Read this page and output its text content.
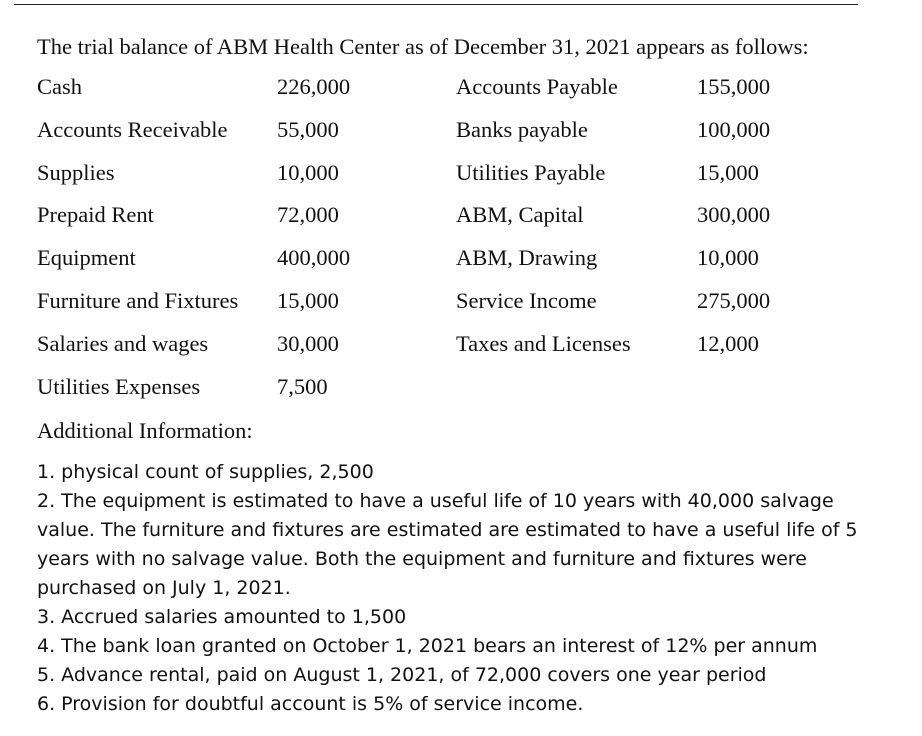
The trial balance of ABM Health Center as of December 31, 2021 appears as follows:
Cash	226,000	Accounts Payable	155,000
Accounts Receivable 55,000	Banks payable	100,000
Supplies	10,000	Utilities Payable	15,000
Prepaid Rent	72,000	ABM, Capital	300,000
Equipment	400,000	ABM, Drawing	10,000
Furniture and Fixtures 15,000	Service Income	275,000
Salaries and wages	30,000	Taxes and Licenses	12,000
Utilities Expenses	7,500
Additional Information:

1. physical count of supplies, 2,500

2. The equipment is estimated to have a useful life of 10 years with 40,000 salvage value. The furniture and fixtures are estimated are estimated to have a useful life of 5 years with no salvage value. Both the equipment and furniture and fixtures were purchased on July 1, 2021.

3. Accrued salaries amounted to 1,500

4. The bank loan granted on October 1, 2021 bears an interest of 12% per annum

5. Advance rental, paid on August 1, 2021, of 72,000 covers one year period

6. Provision for doubtful account is 5% of service income.
